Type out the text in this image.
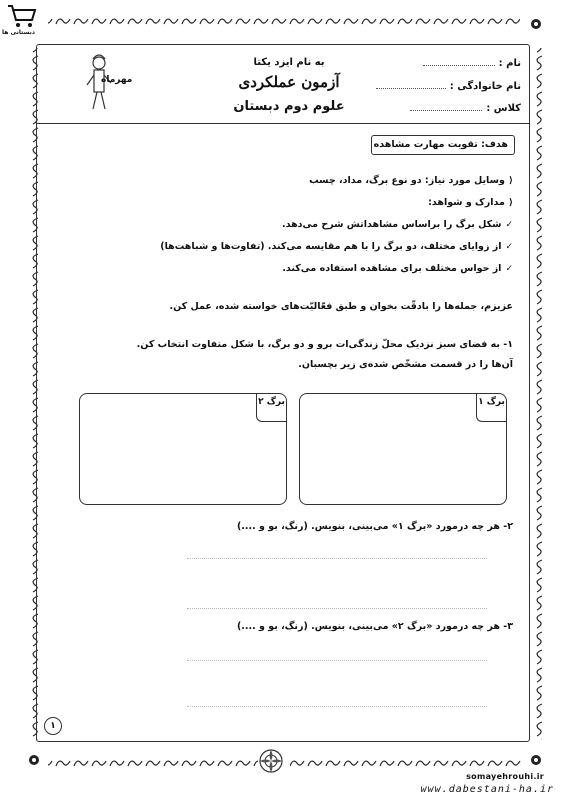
دبستانی ها
نام :
نام خانوادگی :
کلاس :
به نام ایزد یکتا
آزمون عملکردی
علوم دوم دبستان
مهرماه
هدف: تقویت مهارت مشاهده
⟨وسایل مورد نیاز: دو نوع برگ، مداد، چسب
⟨مدارک و شواهد:
✓شکل برگ را براساس مشاهداتش شرح می‌دهد.
✓از زوایای مختلف، دو برگ را با هم مقایسه می‌کند. (تفاوت‌ها و شباهت‌ها)
✓از حواس مختلف برای مشاهده استفاده می‌کند.
عزیزم، جمله‌ها را بادقّت بخوان و طبق فعّالیّت‌های خواسته شده، عمل کن.
۱- به فضای سبز نزدیک محلّ زندگی‌ات برو و دو برگ، با شکل متفاوت انتخاب کن.
آن‌ها را در قسمت مشخّص شده‌ی زیر بچسبان.
برگ ۱
برگ ۲
۲- هر چه درمورد «برگ ۱» می‌بینی، بنویس. (رنگ، بو و ....)
۳- هر چه درمورد «برگ ۲» می‌بینی، بنویس. (رنگ، بو و ....)
۱
somayehrouhi.ir
www.dabestani-ha.ir
